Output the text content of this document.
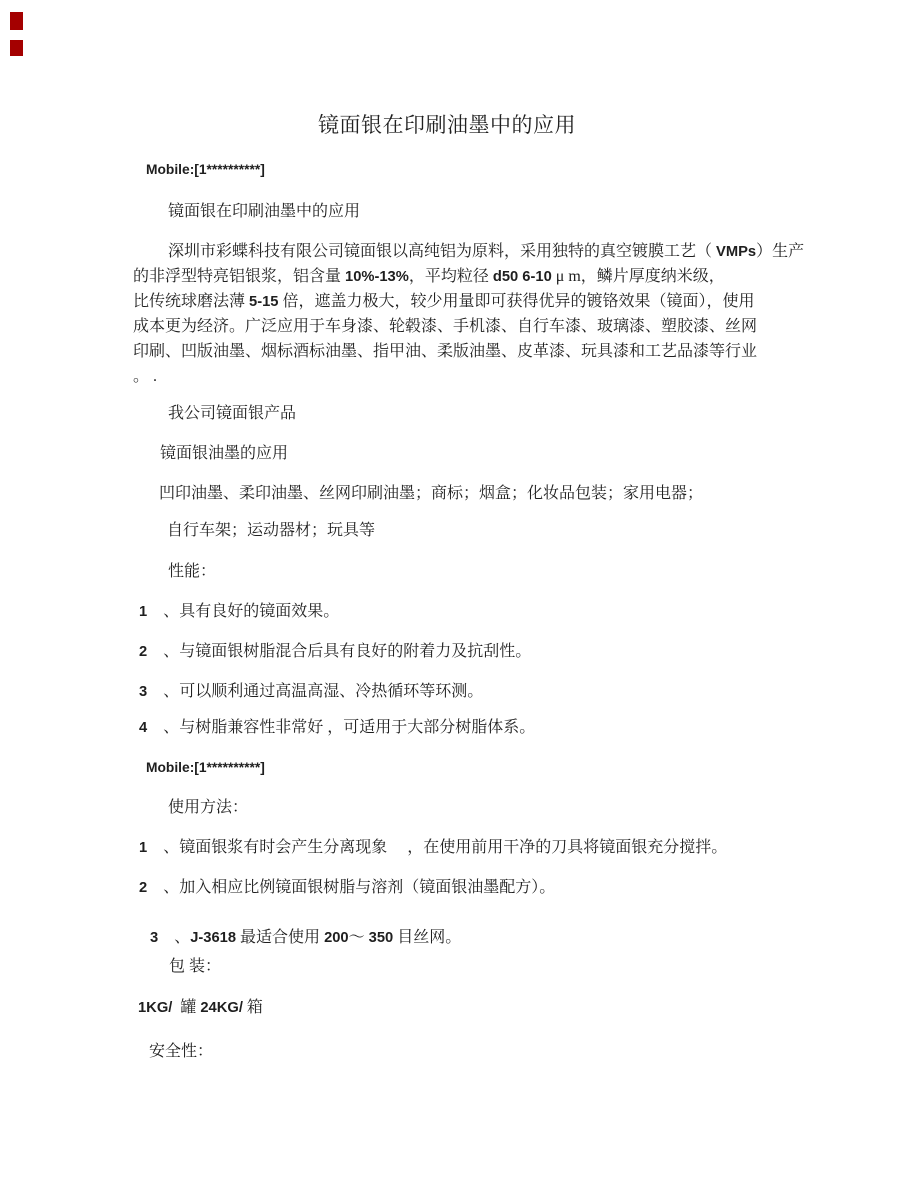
镜面银在印刷油墨中的应用
Mobile:[1**********]
镜面银在印刷油墨中的应用
深圳市彩蝶科技有限公司镜面银以高纯铝为原料，采用独特的真空镀膜工艺（ VMPs）生产
的非浮型特亮铝银浆，铝含量 10%-13%，平均粒径 d50 6-10 μ m，鳞片厚度纳米级，
比传统球磨法薄 5-15 倍，遮盖力极大，较少用量即可获得优异的镀铬效果（镜面），使用
成本更为经济。广泛应用于车身漆、轮毂漆、手机漆、自行车漆、玻璃漆、塑胶漆、丝网
印刷、凹版油墨、烟标酒标油墨、指甲油、柔版油墨、皮革漆、玩具漆和工艺品漆等行业
。 .
我公司镜面银产品
镜面银油墨的应用
凹印油墨、柔印油墨、丝网印刷油墨；商标；烟盒；化妆品包装；家用电器；
自行车架；运动器材；玩具等
性能：
1　、具有良好的镜面效果。
2　、与镜面银树脂混合后具有良好的附着力及抗刮性。
3　、可以顺利通过高温高湿、冷热循环等环测。
4　、与树脂兼容性非常好 ，可适用于大部分树脂体系。
Mobile:[1**********]
使用方法：
1　、镜面银浆有时会产生分离现象　 ，在使用前用干净的刀具将镜面银充分搅拌。
2　、加入相应比例镜面银树脂与溶剂（镜面银油墨配方）。
3　、J-3618 最适合使用 200～ 350 目丝网。
包 装：
1KG/  罐 24KG/ 箱
安全性：
